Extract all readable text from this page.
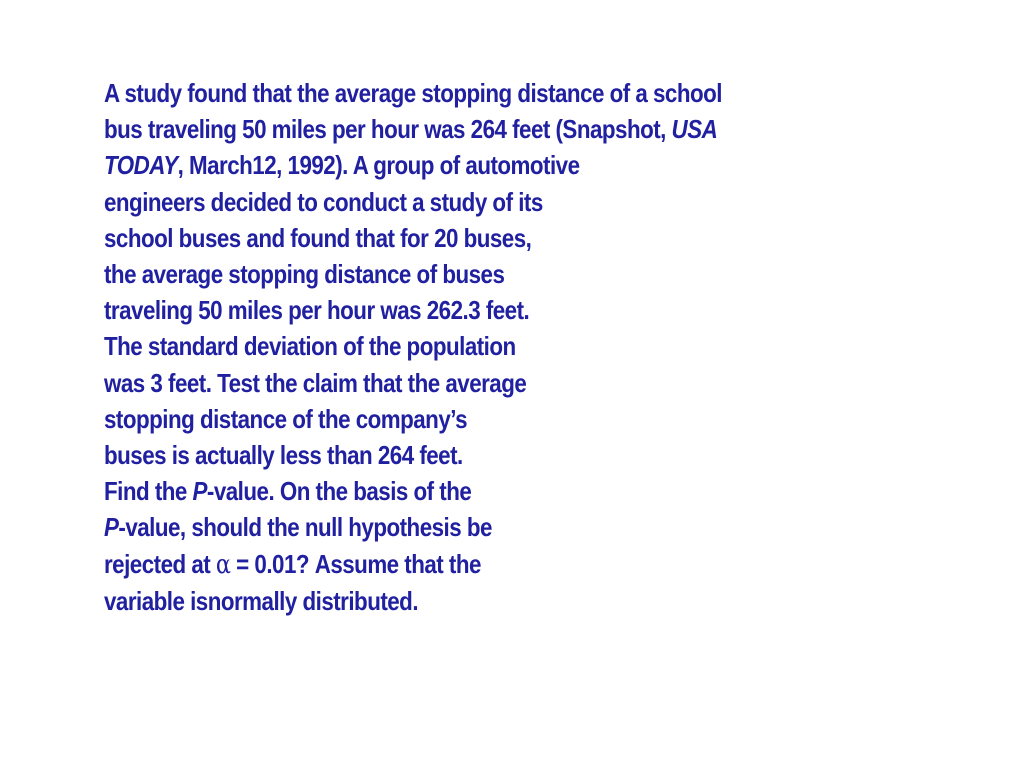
A study found that the average stopping distance of a school
bus traveling 50 miles per hour was 264 feet (Snapshot, USA
TODAY, March12, 1992). A group of automotive
engineers decided to conduct a study of its
school buses and found that for 20 buses,
the average stopping distance of buses
traveling 50 miles per hour was 262.3 feet.
The standard deviation of the population
was 3 feet. Test the claim that the average
stopping distance of the company’s
buses is actually less than 264 feet.
Find the P-value. On the basis of the
P-value, should the null hypothesis be
rejected at α = 0.01? Assume that the
variable isnormally distributed.
